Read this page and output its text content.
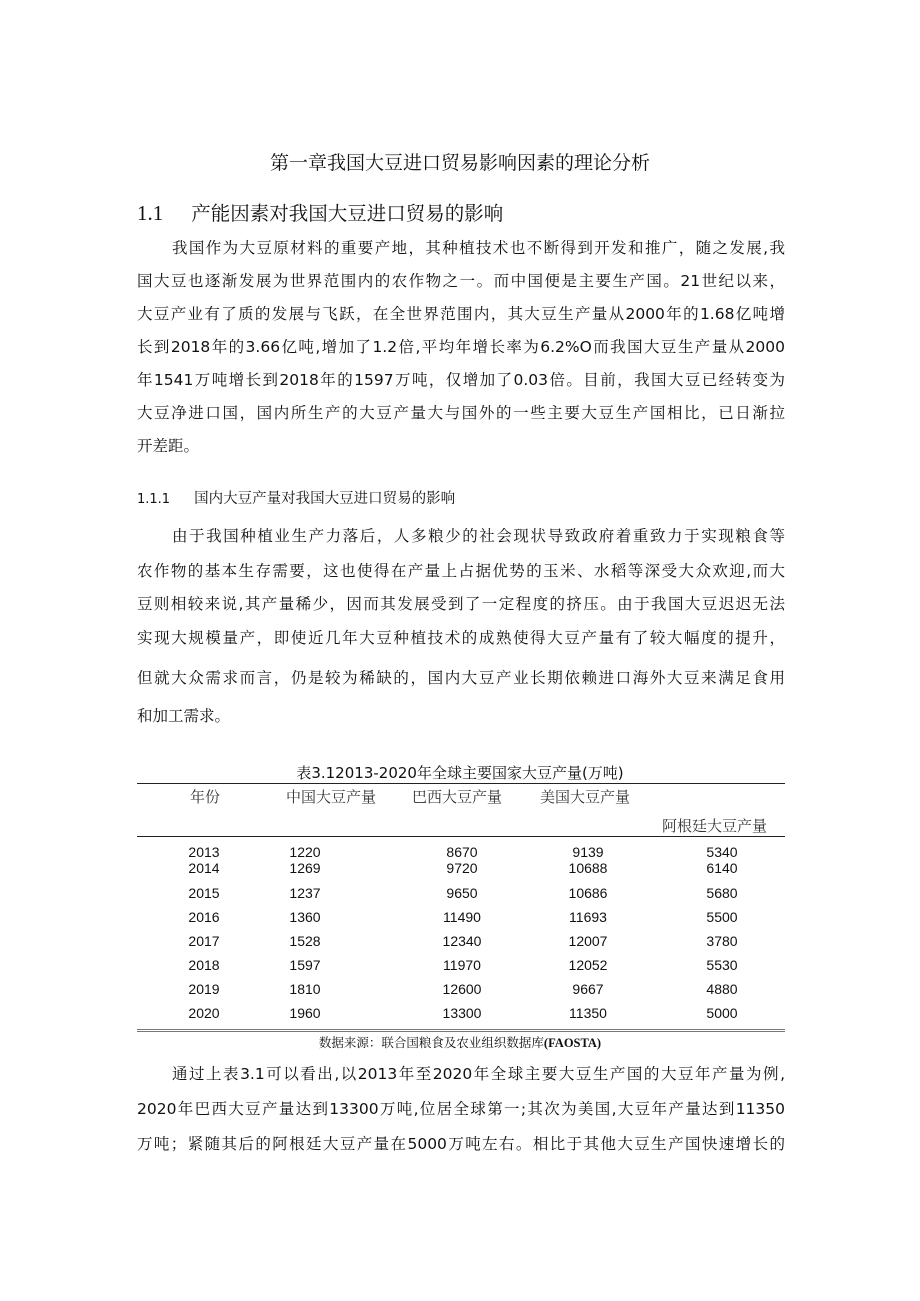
第一章我国大豆进口贸易影响因素的理论分析
1.1 产能因素对我国大豆进口贸易的影响
我国作为大豆原材料的重要产地，其种植技术也不断得到开发和推广，随之发展,我
国大豆也逐渐发展为世界范围内的农作物之一。而中国便是主要生产国。21世纪以来，
大豆产业有了质的发展与飞跃，在全世界范围内，其大豆生产量从2000年的1.68亿吨增
长到2018年的3.66亿吨,增加了1.2倍,平均年增长率为6.2%O而我国大豆生产量从2000
年1541万吨增长到2018年的1597万吨，仅增加了0.03倍。目前，我国大豆已经转变为
大豆净进口国，国内所生产的大豆产量大与国外的一些主要大豆生产国相比，已日渐拉
开差距。
1.1.1 国内大豆产量对我国大豆进口贸易的影响
由于我国种植业生产力落后，人多粮少的社会现状导致政府着重致力于实现粮食等
农作物的基本生存需要，这也使得在产量上占据优势的玉米、水稻等深受大众欢迎,而大
豆则相较来说,其产量稀少，因而其发展受到了一定程度的挤压。由于我国大豆迟迟无法
实现大规模量产，即使近几年大豆种植技术的成熟使得大豆产量有了较大幅度的提升，
但就大众需求而言，仍是较为稀缺的，国内大豆产业长期依赖进口海外大豆来满足食用
和加工需求。
表3.12013-2020年全球主要国家大豆产量(万吨)
年份	中国大豆产量 巴西大豆产量	美国大豆产量
阿根廷大豆产量
2013	1220	8670	9139	5340
2014	1269	9720	10688	6140
2015	1237	9650	10686	5680
2016	1360	11490	11693	5500
2017	1528	12340	12007	3780
2018	1597	11970	12052	5530
2019	1810	12600	9667	4880
2020	1960	13300	11350	5000
数据来源：联合国粮食及农业组织数据库(FAOSTA)
通过上表3.1可以看出,以2013年至2020年全球主要大豆生产国的大豆年产量为例,
2020年巴西大豆产量达到13300万吨,位居全球第一;其次为美国,大豆年产量达到11350
万吨；紧随其后的阿根廷大豆产量在5000万吨左右。相比于其他大豆生产国快速增长的
